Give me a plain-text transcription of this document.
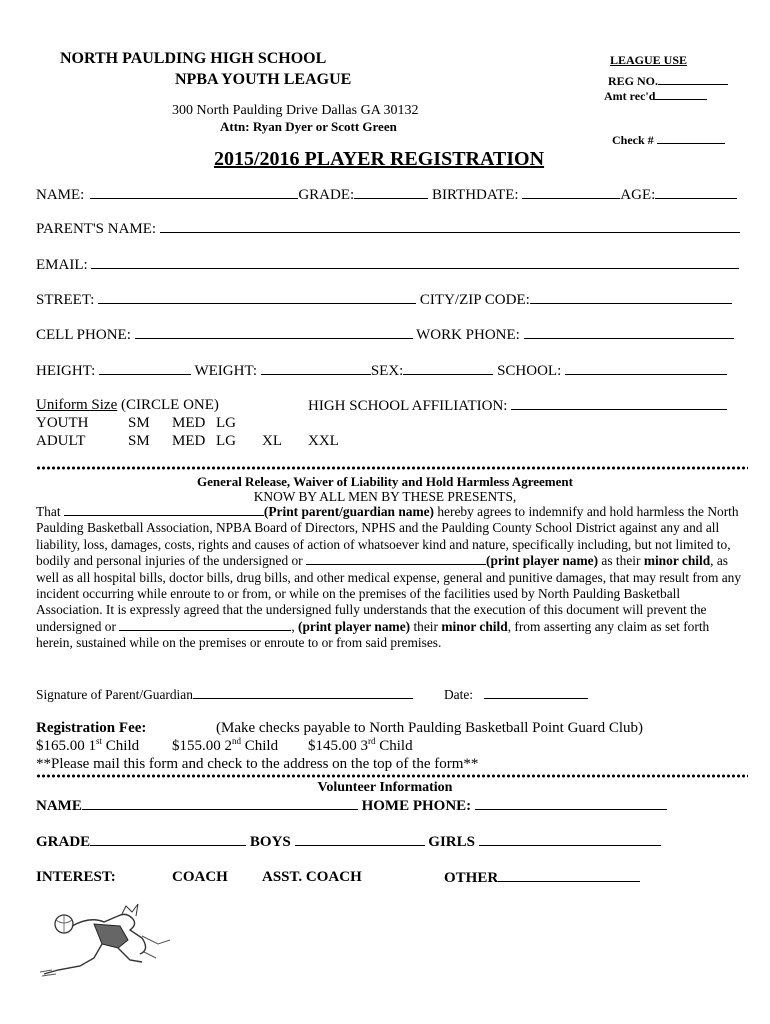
NORTH PAULDING HIGH SCHOOL
NPBA YOUTH LEAGUE
300 North Paulding Drive Dallas GA 30132
Attn: Ryan Dyer or Scott Green
LEAGUE USE
REG NO.
Amt rec'd
Check #
2015/2016 PLAYER REGISTRATION
NAME:	GRADE:	BIRTHDATE:	AGE:
PARENT'S NAME:
EMAIL:
STREET:	CITY/ZIP CODE:
CELL PHONE:	WORK PHONE:
HEIGHT:	WEIGHT:	SEX:	SCHOOL:
Uniform Size (CIRCLE ONE)	HIGH SCHOOL AFFILIATION:
YOUTH	SM MED LG
ADULT	SM MED LG XL XXL
General Release, Waiver of Liability and Hold Harmless Agreement
KNOW BY ALL MEN BY THESE PRESENTS,

That	(Print parent/guardian name) hereby agrees to indemnify and hold harmless the North Paulding Basketball Association, NPBA Board of Directors, NPHS and the Paulding County School District against any and all liability, loss, damages, costs, rights and causes of action of whatsoever kind and nature, specifically including, but not limited to, bodily and personal injuries of the undersigned or	(print player name) as their minor child, as well as all hospital bills, doctor bills, drug bills, and other medical expense, general and punitive damages, that may result from any incident occurring while enroute to or from, or while on the premises of the facilities used by North Paulding Basketball Association. It is expressly agreed that the undersigned fully understands that the execution of this document will prevent the undersigned or	, (print player name) their minor child, from asserting any claim as set forth herein, sustained while on the premises or enroute to or from said premises.

Signature of Parent/Guardian	Date:
Registration Fee:	(Make checks payable to North Paulding Basketball Point Guard Club)
$165.00 1st Child $155.00 2nd Child $145.00 3rd Child
**Please mail this form and check to the address on the top of the form**
Volunteer Information
NAME	HOME PHONE:
GRADE	BOYS	GIRLS
INTEREST:	COACH ASST. COACH	OTHER
